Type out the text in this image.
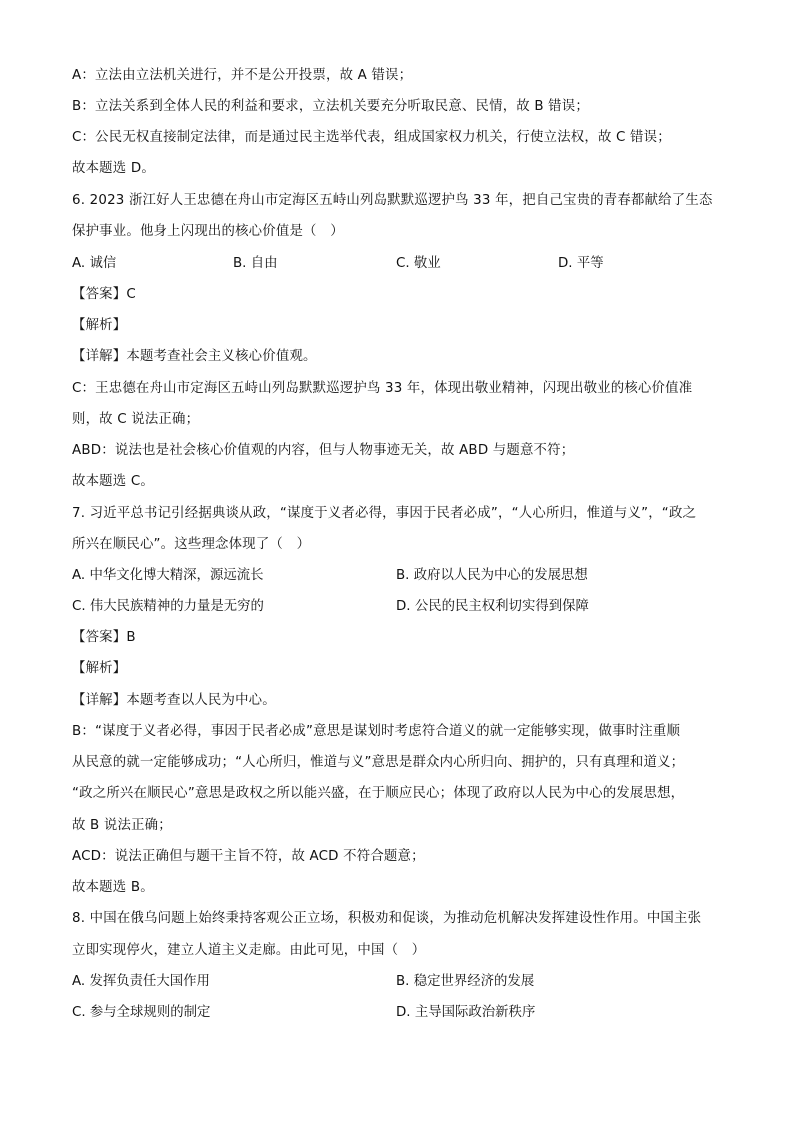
A：立法由立法机关进行，并不是公开投票，故 A 错误；
B：立法关系到全体人民的利益和要求，立法机关要充分听取民意、民情，故 B 错误；
C：公民无权直接制定法律，而是通过民主选举代表，组成国家权力机关，行使立法权，故 C 错误；
故本题选 D。
6. 2023 浙江好人王忠德在舟山市定海区五峙山列岛默默巡逻护鸟 33 年，把自己宝贵的青春都献给了生态
保护事业。他身上闪现出的核心价值是（　）
A. 诚信	B. 自由	C. 敬业	D. 平等
【答案】C
【解析】
【详解】本题考查社会主义核心价值观。
C：王忠德在舟山市定海区五峙山列岛默默巡逻护鸟 33 年，体现出敬业精神，闪现出敬业的核心价值准
则，故 C 说法正确；
ABD：说法也是社会核心价值观的内容，但与人物事迹无关，故 ABD 与题意不符；
故本题选 C。
7. 习近平总书记引经据典谈从政，“谋度于义者必得，事因于民者必成”，“人心所归，惟道与义”，“政之
所兴在顺民心”。这些理念体现了（　）
A. 中华文化博大精深，源远流长	B. 政府以人民为中心的发展思想
C. 伟大民族精神的力量是无穷的	D. 公民的民主权利切实得到保障
【答案】B
【解析】
【详解】本题考查以人民为中心。
B：“谋度于义者必得，事因于民者必成”意思是谋划时考虑符合道义的就一定能够实现，做事时注重顺
从民意的就一定能够成功；“人心所归，惟道与义”意思是群众内心所归向、拥护的，只有真理和道义；
“政之所兴在顺民心”意思是政权之所以能兴盛，在于顺应民心；体现了政府以人民为中心的发展思想，
故 B 说法正确；
ACD：说法正确但与题干主旨不符，故 ACD 不符合题意；
故本题选 B。
8. 中国在俄乌问题上始终秉持客观公正立场，积极劝和促谈，为推动危机解决发挥建设性作用。中国主张
立即实现停火，建立人道主义走廊。由此可见，中国（　）
A. 发挥负责任大国作用	B. 稳定世界经济的发展
C. 参与全球规则的制定	D. 主导国际政治新秩序
